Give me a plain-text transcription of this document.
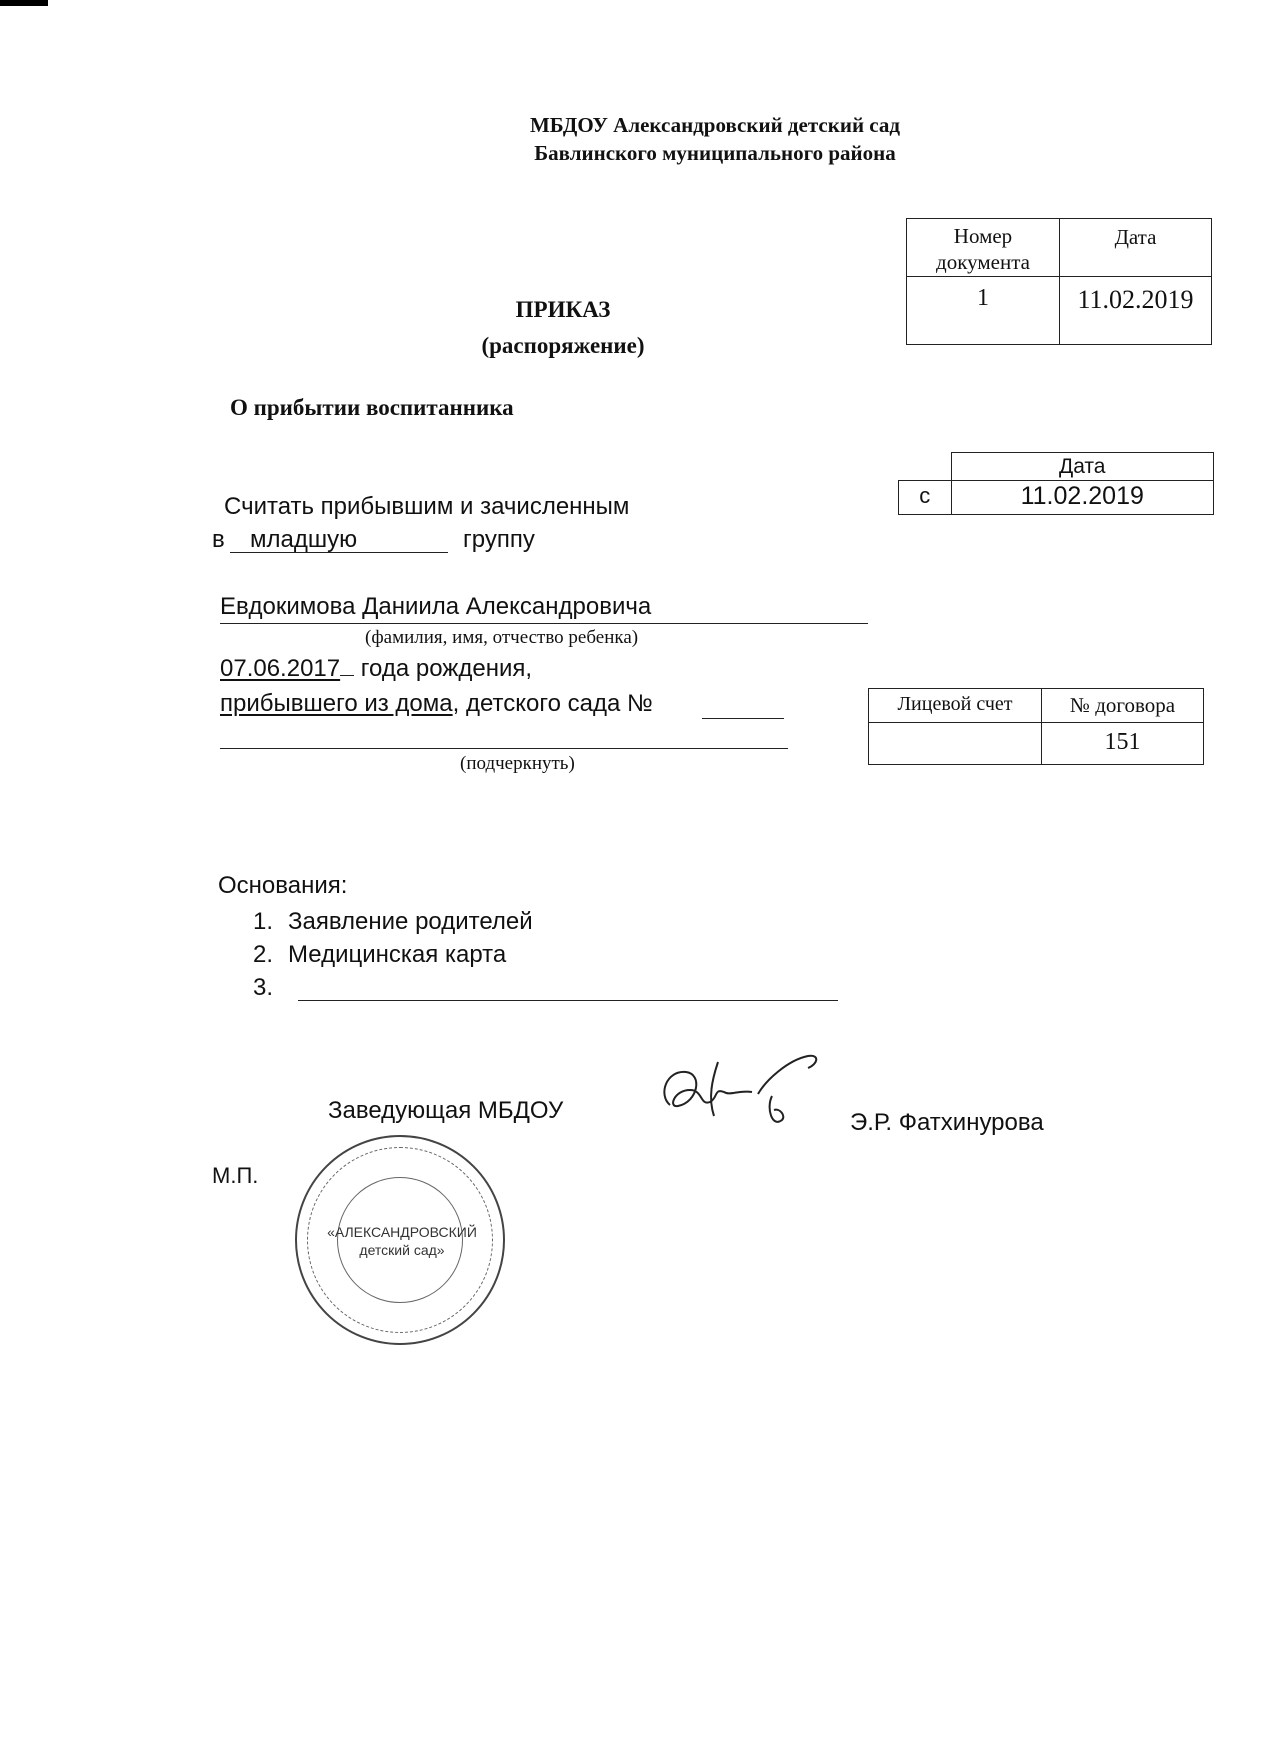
МБДОУ Александровский детский сад
Бавлинского муниципального района
Номер документа	Дата
1	11.02.2019
ПРИКАЗ
(распоряжение)
О прибытии воспитанника
	Дата
с	11.02.2019
Считать прибывшим и зачисленным
в младшую	группу
Евдокимова Даниила Александровича
(фамилия, имя, отчество ребенка)
07.06.2017 года рождения,
прибывшего из дома, детского сада №
(подчеркнуть)
Лицевой счет	№ договора
	151
Основания:
1. Заявление родителей
2. Медицинская карта
3.
Заведующая МБДОУ	Э.Р. Фатхинурова
М.П.
«АЛЕКСАНДРОВСКИЙ
детский сад»
